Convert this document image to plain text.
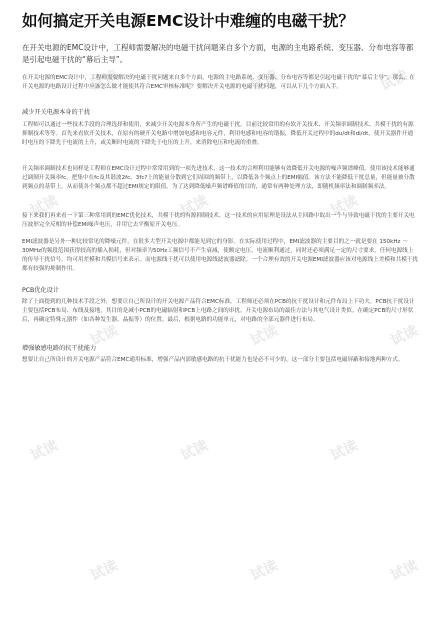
试读	试读	试读
试读	试读	试读
试读	试读	试读
试读	试读	试读
试读	试读	试读
如何搞定开关电源EMC设计中难缠的电磁干扰？
在开关电源的EMC设计中，工程师需要解决的电磁干扰问题来自多个方面，电源的主电路系统、变压器、分布电容等都是引起电磁干扰的“幕后主导”。
在开关电源的EMC设计中，工程师需要解决的电磁干扰问题来自多个方面，电源的主电路系统、变压器、分布电容等都是引起电磁干扰的“幕后主导”。那么，在开关电源的电路设计过程中应该怎么做才能使其符合EMC审核标准呢？要解决开关电源的电磁干扰问题，可以从下几个方面入手。
减少开关电源本身的干扰
工程师可以通过一些技术手段的合理选择和使用，来减少开关电源本身所产生的电磁干扰。目前比较常用的有软开关技术、开关频率调制技术、共模干扰的有源抑制技术等等。首先来看软开关技术，在原有的硬开关电路中增加电感和电容元件，利用电感和电容的谐振，降低开关过程中的du/dt和di/dt，使开关器件开通时电压的下降先于电流的上升，或关断时电流的下降先于电压的上升，来消除电压和电流的重叠。
开关频率调制技术也同样是工程师在EMC设计过程中常常用到的一项先进技术，这一技术的合理利用能够有效降低开关电源的噪声频谱峰值。使用该技术能够通过调制开关频率fc，把集中在fc及其谐波2fc、3fc?上的能量分散到它们周围的频带上，以降低各个频点上的EMI幅值。该方法不能降低干扰总量，但能量被分散到频点的基带上，从而使各个频点都不超过EMI规定的限值。为了达到降低噪声频谱峰值的目的，通常有两种处理方法，即随机频率法和调制频率法。
接下来我们再来看一下第三种常用到的EMC优化技术，共模干扰的有源抑制技术。这一技术的应用原理是设法从主回路中取出一个与导致电磁干扰的主要开关电压波形完全反相的补偿EMI噪声电压，并用它去平衡原开关电压。
EMI滤波器是另外一种比较常见的降噪元件，在很多大型开关电源中都能见到它的身影。在实际使用过程中，EMI滤波器的主要目的之一就是要在 150kHz ～30MHz的频段范围获得较高的插入损耗，但对频率为50Hz工频信号不产生衰减，使额定电压、电流顺利通过，同时还必须满足一定的尺寸要求。任何电源线上的传导干扰信号，均可用差模和共模信号来表示。而电源线干扰可以使用电源线滤波器滤除。一个合理有效的开关电源EMI滤波器应该对电源线上差模和共模干扰都有较强的抑制作用。
PCB优化设计
除了上面提到的几种技术手段之外，想要让自己所设计的开关电源产品符合EMC标准，工程师还必须在PCB的抗干扰设计和元件布局上下功夫。PCB抗干扰设计主要包括PCB布局、布线及接地，其目的是减小PCB的电磁辐射和PCB上电路之间的串扰。开关电源布局的最佳方法与其电气设计类似。在确定PCB的尺寸形状后，再确定特殊元器件（如各种发生器、晶振等）的位置。最后，根据电路的功能单元，对电路的全部元器件进行布局。
增强敏感电路的抗干扰能力
想要让自己所设计的开关电源产品符合EMC通用标准，增强产品内部敏感电路的抗干扰能力也是必不可少的，这一部分主要包括电磁屏蔽和接地两种方式。
